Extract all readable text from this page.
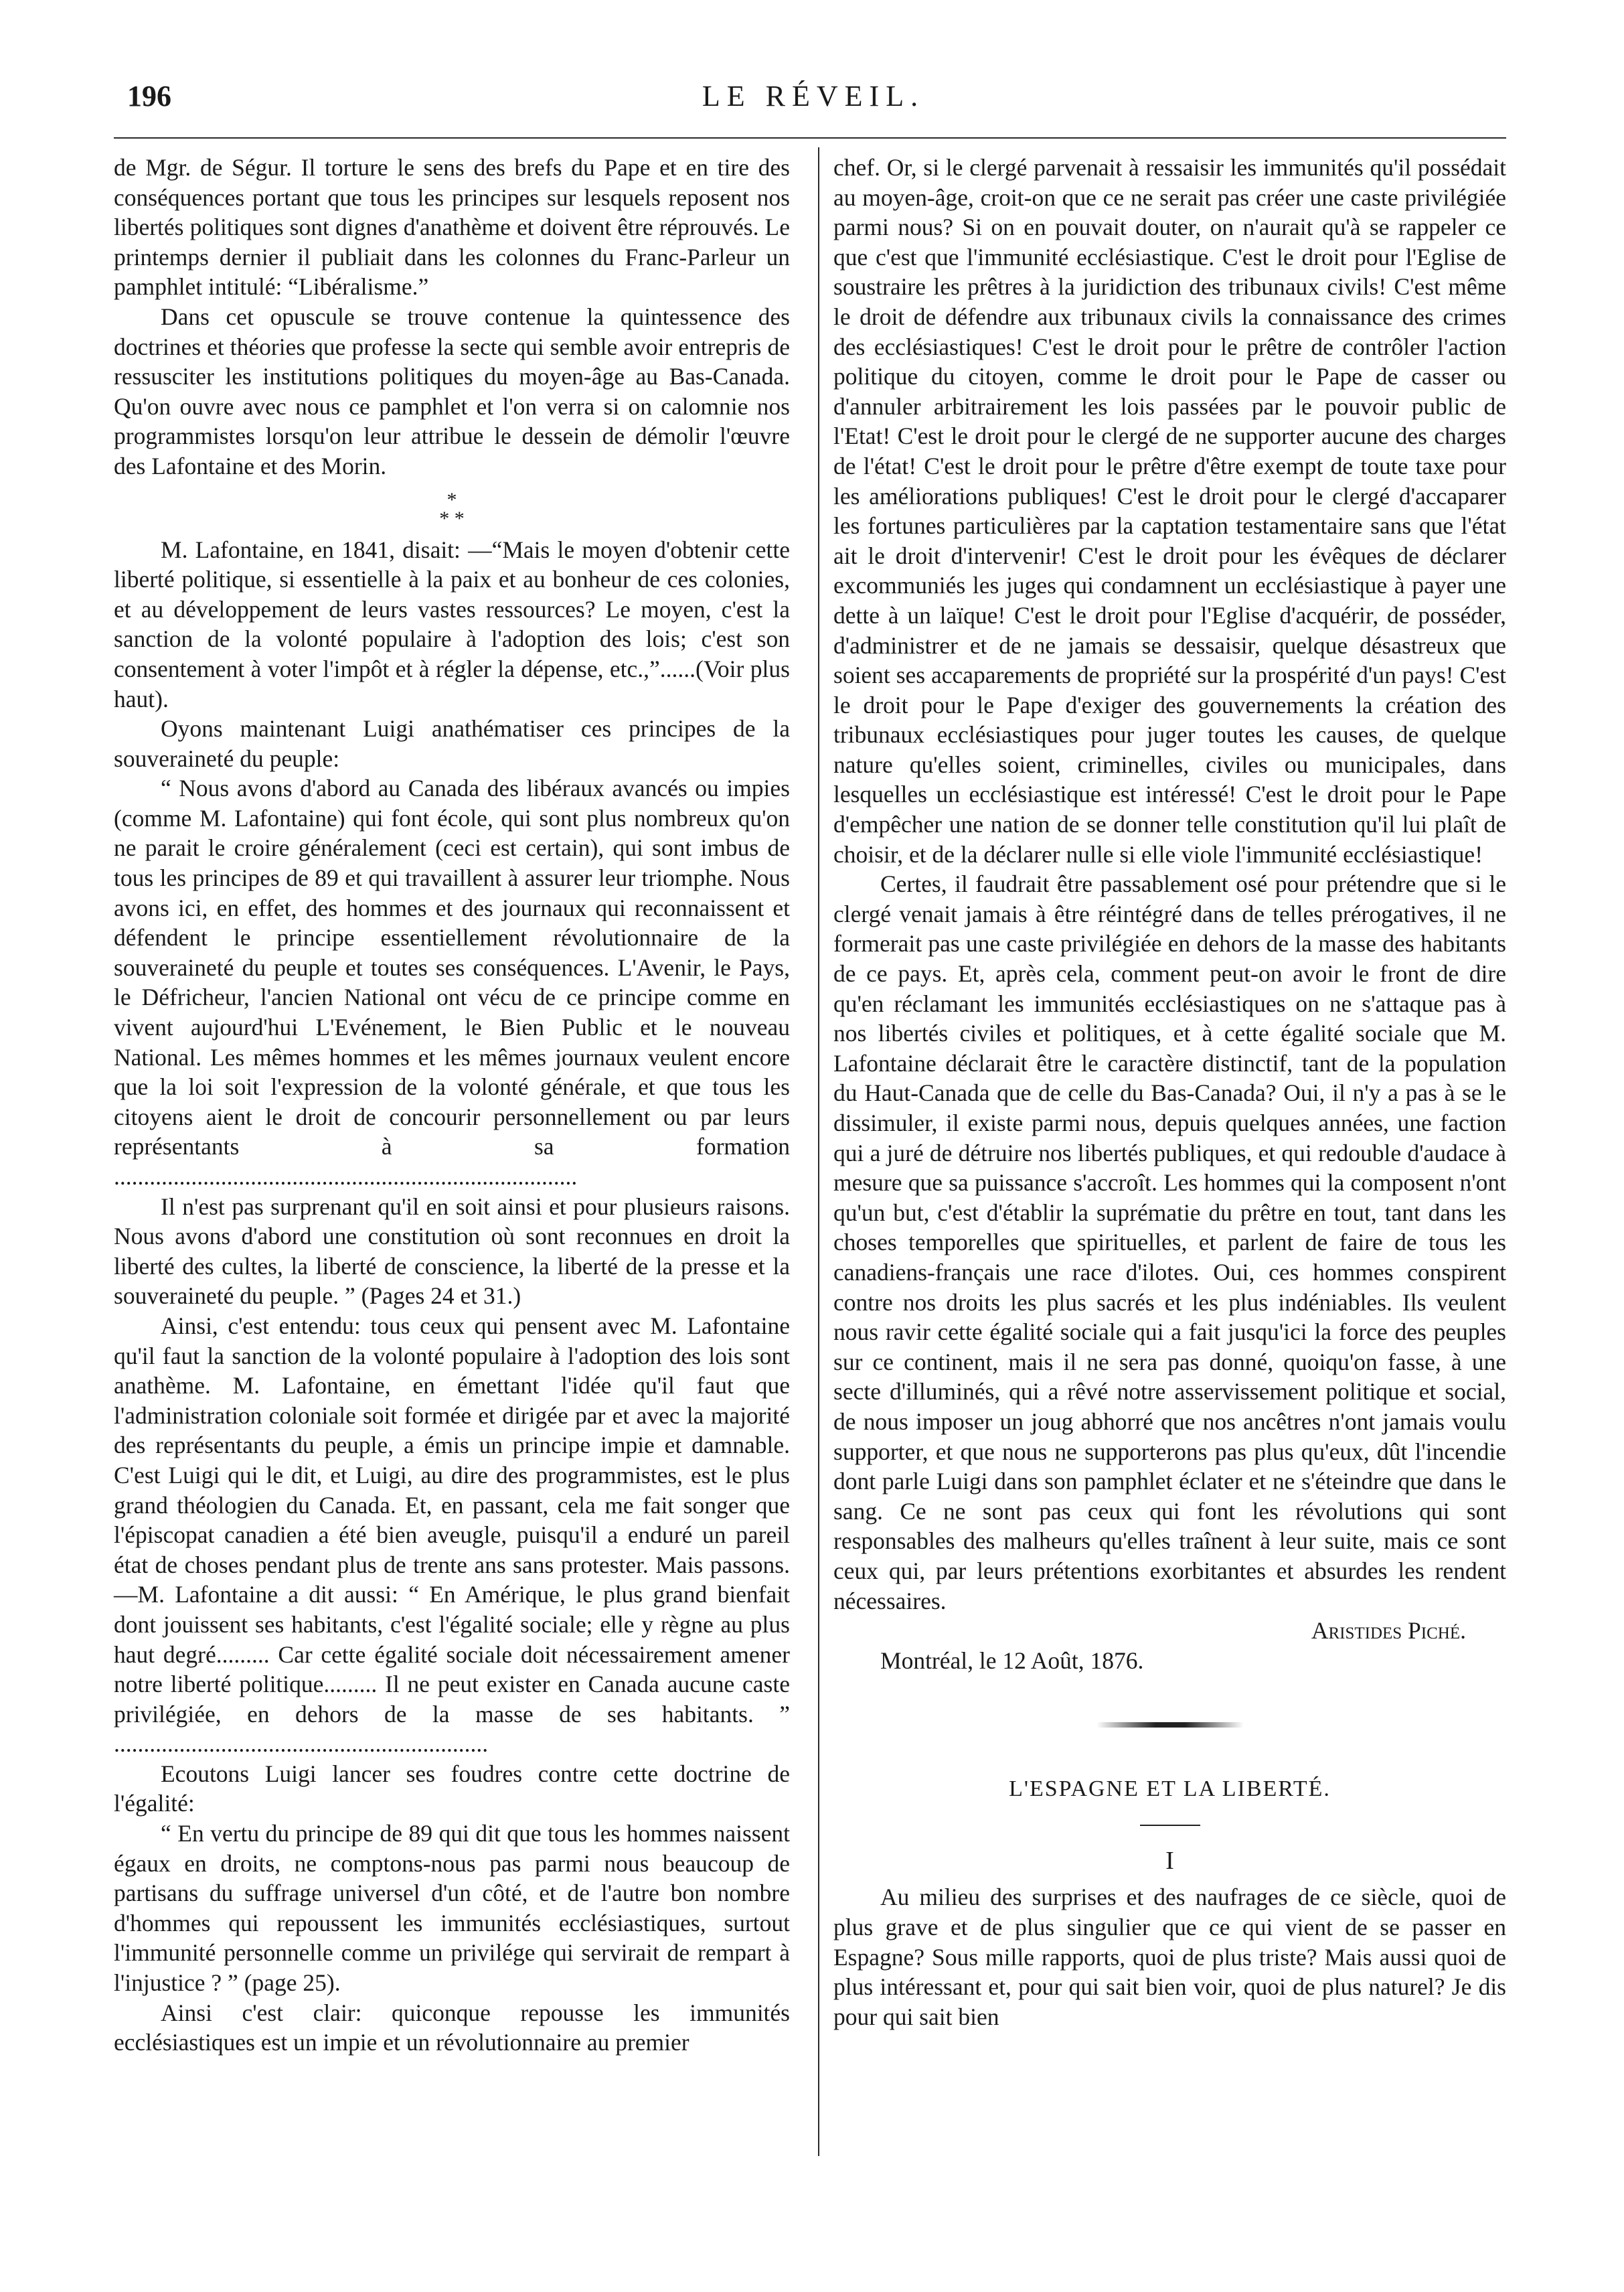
196	LE RÉVEIL.

de Mgr. de Ségur. Il torture le sens des brefs du Pape et en tire des conséquences portant que tous les principes sur lesquels reposent nos libertés politiques sont dignes d'anathème et doivent être réprouvés. Le printemps dernier il publiait dans les colonnes du Franc-Parleur un pamphlet intitulé: “Libéralisme.”

Dans cet opuscule se trouve contenue la quintessence des doctrines et théories que professe la secte qui semble avoir entrepris de ressusciter les institutions politiques du moyen-âge au Bas-Canada. Qu'on ouvre avec nous ce pamphlet et l'on verra si on calomnie nos programmistes lorsqu'on leur attribue le dessein de démolir l'œuvre des Lafontaine et des Morin.

*
* *

M. Lafontaine, en 1841, disait: —“Mais le moyen d'obtenir cette liberté politique, si essentielle à la paix et au bonheur de ces colonies, et au développement de leurs vastes ressources? Le moyen, c'est la sanction de la volonté populaire à l'adoption des lois; c'est son consentement à voter l'impôt et à régler la dépense, etc.,”......(Voir plus haut).

Oyons maintenant Luigi anathématiser ces principes de la souveraineté du peuple:

“ Nous avons d'abord au Canada des libéraux avancés ou impies (comme M. Lafontaine) qui font école, qui sont plus nombreux qu'on ne parait le croire généralement (ceci est certain), qui sont imbus de tous les principes de 89 et qui travaillent à assurer leur triomphe. Nous avons ici, en effet, des hommes et des journaux qui reconnaissent et défendent le principe essentiellement révolutionnaire de la souveraineté du peuple et toutes ses conséquences. L'Avenir, le Pays, le Défricheur, l'ancien National ont vécu de ce principe comme en vivent aujourd'hui L'Evénement, le Bien Public et le nouveau National. Les mêmes hommes et les mêmes journaux veulent encore que la loi soit l'expression de la volonté générale, et que tous les citoyens aient le droit de concourir personnellement ou par leurs représentants à sa formation ..............................................................................

Il n'est pas surprenant qu'il en soit ainsi et pour plusieurs raisons. Nous avons d'abord une constitution où sont reconnues en droit la liberté des cultes, la liberté de conscience, la liberté de la presse et la souveraineté du peuple. ” (Pages 24 et 31.)

Ainsi, c'est entendu: tous ceux qui pensent avec M. Lafontaine qu'il faut la sanction de la volonté populaire à l'adoption des lois sont anathème. M. Lafontaine, en émettant l'idée qu'il faut que l'administration coloniale soit formée et dirigée par et avec la majorité des représentants du peuple, a émis un principe impie et damnable. C'est Luigi qui le dit, et Luigi, au dire des programmistes, est le plus grand théologien du Canada. Et, en passant, cela me fait songer que l'épiscopat canadien a été bien aveugle, puisqu'il a enduré un pareil état de choses pendant plus de trente ans sans protester. Mais passons.—M. Lafontaine a dit aussi: “ En Amérique, le plus grand bienfait dont jouissent ses habitants, c'est l'égalité sociale; elle y règne au plus haut degré......... Car cette égalité sociale doit nécessairement amener notre liberté politique......... Il ne peut exister en Canada aucune caste privilégiée, en dehors de la masse de ses habitants. ” ...............................................................

Ecoutons Luigi lancer ses foudres contre cette doctrine de l'égalité:

“ En vertu du principe de 89 qui dit que tous les hommes naissent égaux en droits, ne comptons-nous pas parmi nous beaucoup de partisans du suffrage universel d'un côté, et de l'autre bon nombre d'hommes qui repoussent les immunités ecclésiastiques, surtout l'immunité personnelle comme un privilége qui servirait de rempart à l'injustice ? ” (page 25).

Ainsi c'est clair: quiconque repousse les immunités ecclésiastiques est un impie et un révolutionnaire au premier

chef. Or, si le clergé parvenait à ressaisir les immunités qu'il possédait au moyen-âge, croit-on que ce ne serait pas créer une caste privilégiée parmi nous? Si on en pouvait douter, on n'aurait qu'à se rappeler ce que c'est que l'immunité ecclésiastique. C'est le droit pour l'Eglise de soustraire les prêtres à la juridiction des tribunaux civils! C'est même le droit de défendre aux tribunaux civils la connaissance des crimes des ecclésiastiques! C'est le droit pour le prêtre de contrôler l'action politique du citoyen, comme le droit pour le Pape de casser ou d'annuler arbitrairement les lois passées par le pouvoir public de l'Etat! C'est le droit pour le clergé de ne supporter aucune des charges de l'état! C'est le droit pour le prêtre d'être exempt de toute taxe pour les améliorations publiques! C'est le droit pour le clergé d'accaparer les fortunes particulières par la captation testamentaire sans que l'état ait le droit d'intervenir! C'est le droit pour les évêques de déclarer excommuniés les juges qui condamnent un ecclésiastique à payer une dette à un laïque! C'est le droit pour l'Eglise d'acquérir, de posséder, d'administrer et de ne jamais se dessaisir, quelque désastreux que soient ses accaparements de propriété sur la prospérité d'un pays! C'est le droit pour le Pape d'exiger des gouvernements la création des tribunaux ecclésiastiques pour juger toutes les causes, de quelque nature qu'elles soient, criminelles, civiles ou municipales, dans lesquelles un ecclésiastique est intéressé! C'est le droit pour le Pape d'empêcher une nation de se donner telle constitution qu'il lui plaît de choisir, et de la déclarer nulle si elle viole l'immunité ecclésiastique!

Certes, il faudrait être passablement osé pour prétendre que si le clergé venait jamais à être réintégré dans de telles prérogatives, il ne formerait pas une caste privilégiée en dehors de la masse des habitants de ce pays. Et, après cela, comment peut-on avoir le front de dire qu'en réclamant les immunités ecclésiastiques on ne s'attaque pas à nos libertés civiles et politiques, et à cette égalité sociale que M. Lafontaine déclarait être le caractère distinctif, tant de la population du Haut-Canada que de celle du Bas-Canada? Oui, il n'y a pas à se le dissimuler, il existe parmi nous, depuis quelques années, une faction qui a juré de détruire nos libertés publiques, et qui redouble d'audace à mesure que sa puissance s'accroît. Les hommes qui la composent n'ont qu'un but, c'est d'établir la suprématie du prêtre en tout, tant dans les choses temporelles que spirituelles, et parlent de faire de tous les canadiens-français une race d'ilotes. Oui, ces hommes conspirent contre nos droits les plus sacrés et les plus indéniables. Ils veulent nous ravir cette égalité sociale qui a fait jusqu'ici la force des peuples sur ce continent, mais il ne sera pas donné, quoiqu'on fasse, à une secte d'illuminés, qui a rêvé notre asservissement politique et social, de nous imposer un joug abhorré que nos ancêtres n'ont jamais voulu supporter, et que nous ne supporterons pas plus qu'eux, dût l'incendie dont parle Luigi dans son pamphlet éclater et ne s'éteindre que dans le sang. Ce ne sont pas ceux qui font les révolutions qui sont responsables des malheurs qu'elles traînent à leur suite, mais ce sont ceux qui, par leurs prétentions exorbitantes et absurdes les rendent nécessaires.

Aristides Piché.

Montréal, le 12 Août, 1876.

L'ESPAGNE ET LA LIBERTÉ.
I

Au milieu des surprises et des naufrages de ce siècle, quoi de plus grave et de plus singulier que ce qui vient de se passer en Espagne? Sous mille rapports, quoi de plus triste? Mais aussi quoi de plus intéressant et, pour qui sait bien voir, quoi de plus naturel? Je dis pour qui sait bien
